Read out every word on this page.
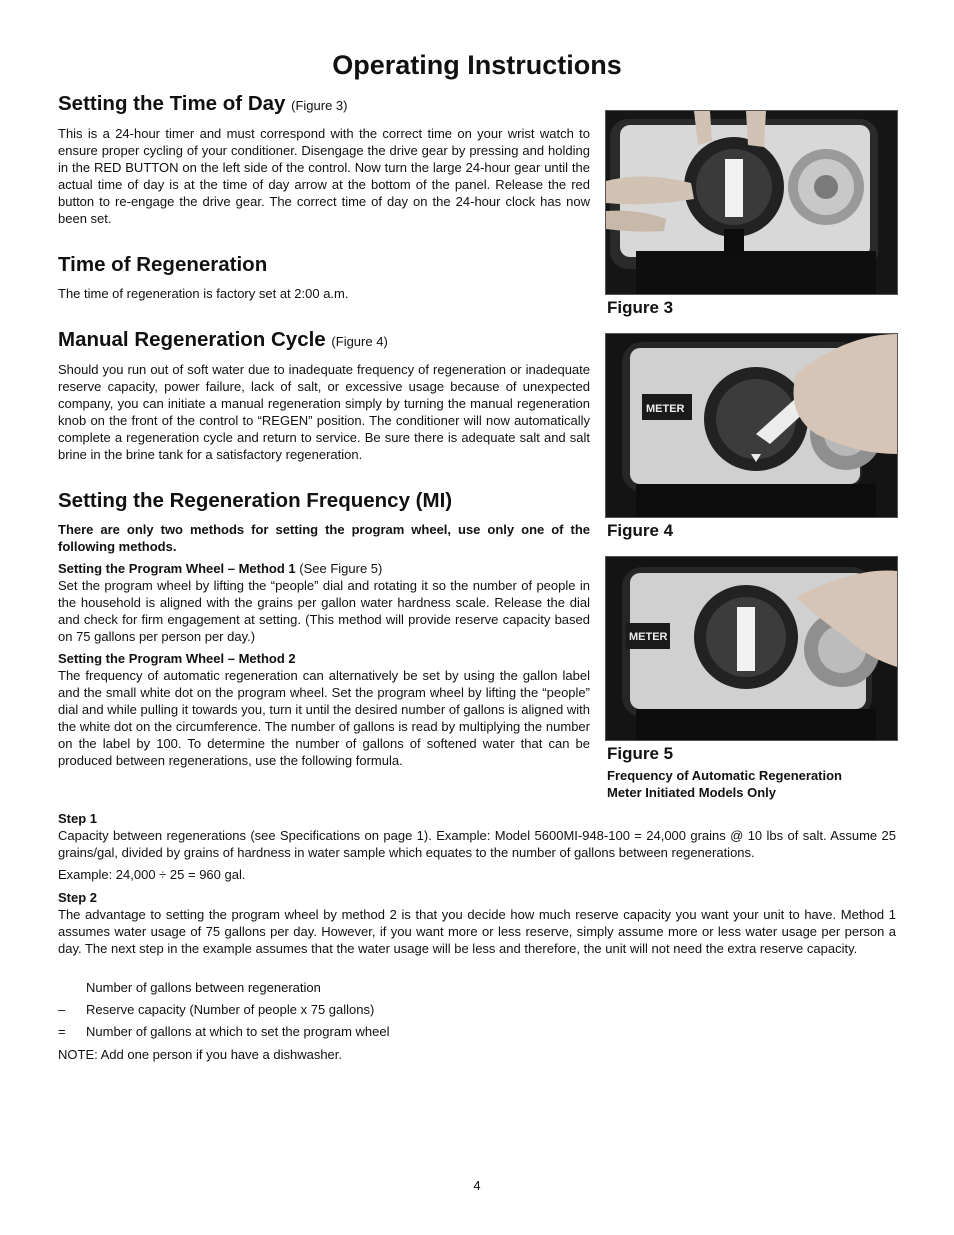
Operating Instructions

Setting the Time of Day (Figure 3)

This is a 24-hour timer and must correspond with the correct time on your wrist watch to ensure proper cycling of your conditioner. Disengage the drive gear by pressing and holding in the RED BUTTON on the left side of the control. Now turn the large 24-hour gear until the actual time of day is at the time of day arrow at the bottom of the panel. Release the red button to re-engage the drive gear. The correct time of day on the 24-hour clock has now been set.

Time of Regeneration

The time of regeneration is factory set at 2:00 a.m.

Manual Regeneration Cycle (Figure 4)

Should you run out of soft water due to inadequate frequency of regeneration or inadequate reserve capacity, power failure, lack of salt, or excessive usage because of unexpected company, you can initiate a manual regeneration simply by turning the manual regeneration knob on the front of the control to “REGEN” position. The conditioner will now automatically complete a regeneration cycle and return to service. Be sure there is adequate salt and salt brine in the brine tank for a satisfactory regeneration.

Setting the Regeneration Frequency (MI)

There are only two methods for setting the program wheel, use only one of the following methods.

Setting the Program Wheel – Method 1 (See Figure 5)

Set the program wheel by lifting the “people” dial and rotating it so the number of people in the household is aligned with the grains per gallon water hardness scale. Release the dial and check for firm engagement at setting. (This method will provide reserve capacity based on 75 gallons per person per day.)

Setting the Program Wheel – Method 2

The frequency of automatic regeneration can alternatively be set by using the gallon label and the small white dot on the program wheel. Set the program wheel by lifting the “people” dial and while pulling it towards you, turn it until the desired number of gallons is aligned with the white dot on the circumference. The number of gallons is read by multiplying the number on the label by 100. To determine the number of gallons of softened water that can be produced between regenerations, use the following formula.

Figure 3

METER

Figure 4

METER

Figure 5

Frequency of Automatic Regeneration

Meter Initiated Models Only

Step 1

Capacity between regenerations (see Specifications on page 1). Example: Model 5600MI-948-100 = 24,000 grains @ 10 lbs of salt. Assume 25 grains/gal, divided by grains of hardness in water sample which equates to the number of gallons between regenerations.

Example: 24,000 ÷ 25 = 960 gal.

Step 2

The advantage to setting the program wheel by method 2 is that you decide how much reserve capacity you want your unit to have. Method 1 assumes water usage of 75 gallons per day. However, if you want more or less reserve, simply assume more or less water usage per person a day. The next step in the example assumes that the water usage will be less and therefore, the unit will not need the extra reserve capacity.

Number of gallons between regeneration
– Reserve capacity (Number of people x 75 gallons)
= Number of gallons at which to set the program wheel

NOTE: Add one person if you have a dishwasher.

4
